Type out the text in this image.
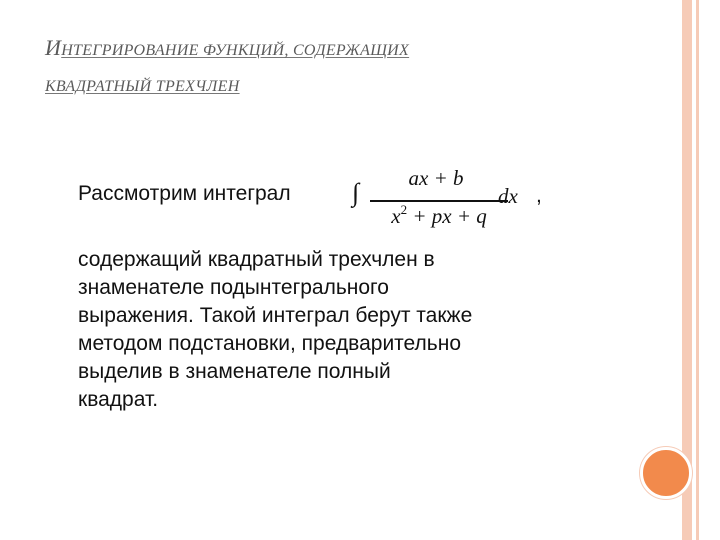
ИНТЕГРИРОВАНИЕ ФУНКЦИЙ, СОДЕРЖАЩИХ
КВАДРАТНЫЙ ТРЕХЧЛЕН
Рассмотрим интеграл ∫	ax + b
$x^2$ + px + q
dx ,
содержащий квадратный трехчлен в
знаменателе подынтегрального
выражения. Такой интеграл берут также
методом подстановки, предварительно
выделив в знаменателе полный
квадрат.
